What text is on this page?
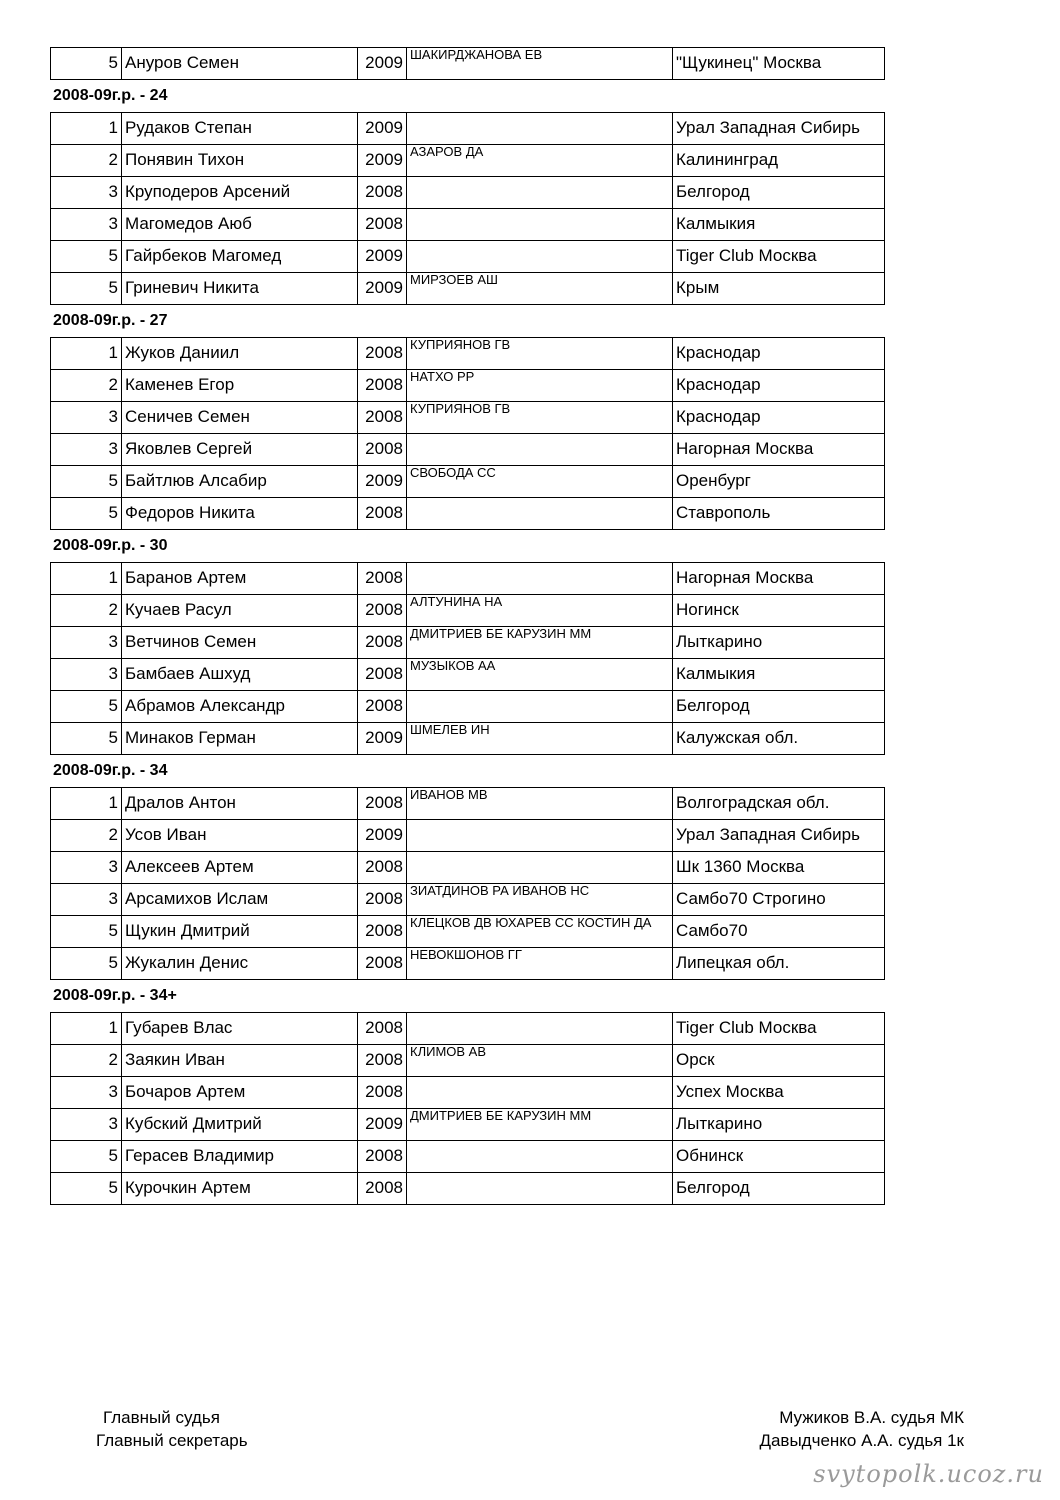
5	Ануров Семен	2009	ШАКИРДЖАНОВА ЕВ	"Щукинец" Москва
2008-09г.р. - 24
1	Рудаков Степан	2009		Урал Западная Сибирь
2	Понявин Тихон	2009	АЗАРОВ ДА	Калининград
3	Круподеров Арсений	2008		Белгород
3	Магомедов Аюб	2008		Калмыкия
5	Гайрбеков Магомед	2009		Tiger Club Москва
5	Гриневич Никита	2009	МИРЗОЕВ АШ	Крым
2008-09г.р. - 27
1	Жуков Даниил	2008	КУПРИЯНОВ ГВ	Краснодар
2	Каменев Егор	2008	НАТХО РР	Краснодар
3	Сеничев Семен	2008	КУПРИЯНОВ ГВ	Краснодар
3	Яковлев Сергей	2008		Нагорная Москва
5	Байтлюв Алсабир	2009	СВОБОДА СС	Оренбург
5	Федоров Никита	2008		Ставрополь
2008-09г.р. - 30
1	Баранов Артем	2008		Нагорная Москва
2	Кучаев Расул	2008	АЛТУНИНА НА	Ногинск
3	Ветчинов Семен	2008	ДМИТРИЕВ БЕ КАРУЗИН ММ	Лыткарино
3	Бамбаев Ашхуд	2008	МУЗЫКОВ АА	Калмыкия
5	Абрамов Александр	2008		Белгород
5	Минаков Герман	2009	ШМЕЛЕВ ИН	Калужская обл.
2008-09г.р. - 34
1	Дралов Антон	2008	ИВАНОВ МВ	Волгоградская обл.
2	Усов Иван	2009		Урал Западная Сибирь
3	Алексеев Артем	2008		Шк 1360 Москва
3	Арсамихов Ислам	2008	ЗИАТДИНОВ РА ИВАНОВ НС	Самбо70 Строгино
5	Щукин Дмитрий	2008	КЛЕЦКОВ ДВ ЮХАРЕВ СС КОСТИН ДА	Самбо70
5	Жукалин Денис	2008	НЕВОКШОНОВ ГГ	Липецкая обл.
2008-09г.р. - 34+
1	Губарев Влас	2008		Tiger Club Москва
2	Заякин Иван	2008	КЛИМОВ АВ	Орск
3	Бочаров Артем	2008		Успех Москва
3	Кубский Дмитрий	2009	ДМИТРИЕВ БЕ КАРУЗИН ММ	Лыткарино
5	Герасев Владимир	2008		Обнинск
5	Курочкин Артем	2008		Белгород
Главный судья
Главный секретарь
Мужиков В.А. судья МК
Давыдченко А.А. судья 1к
svytopolk.ucoz.ru
